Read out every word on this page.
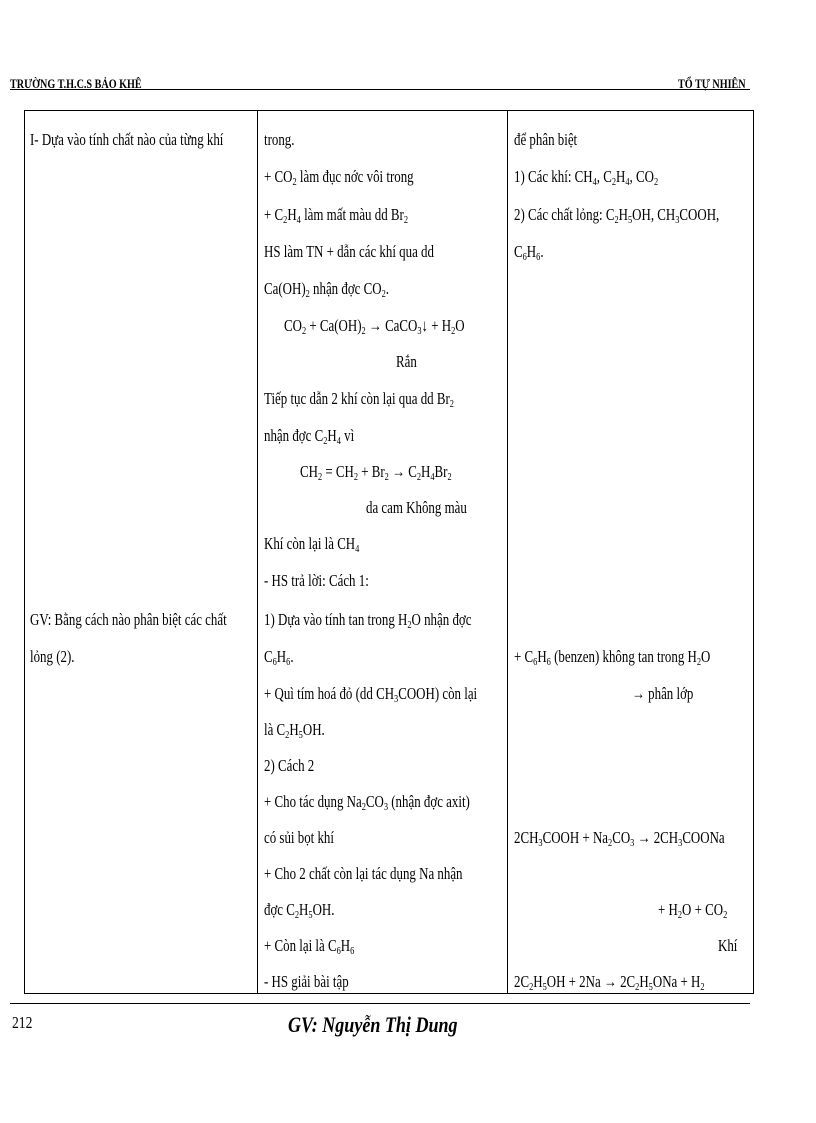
TRƯỜNG T.H.C.S BẢO KHÊ	TỔ TỰ NHIÊN
I- Dựa vào tính chất nào của từng khí
GV: Bằng cách nào phân biệt các chất
lỏng (2).
trong.
+ $CO_2$ làm đục nớc vôi trong
+ $C_2H_4$ làm mất màu dd $Br_2$
HS làm TN + dẫn các khí qua dd
$Ca(OH)_2$ nhận đợc $CO_2$.
$CO_2 + Ca(OH)_2$ → CaCO$_3$↓ + $H_2O$
Rắn
Tiếp tục dẫn 2 khí còn lại qua dd $Br_2$
nhận đợc $C_2H_4$ vì
$CH_2 = CH_2 + Br_2 \to C_2H_4Br_2$
da cam Không màu
Khí còn lại là $CH_4$
- HS trả lời: Cách 1:
1) Dựa vào tính tan trong $H_2O$ nhận đợc
$C_6H_6$.
+ Quì tím hoá đỏ (dd $CH_3COOH$) còn lại
là $C_2H_5OH$.
2) Cách 2
+ Cho tác dụng $Na_2CO_3$ (nhận đợc axit)
có sủi bọt khí
+ Cho 2 chất còn lại tác dụng Na nhận
đợc $C_2H_5OH$.
+ Còn lại là $C_6H_6$
- HS giải bài tập
để phân biệt
1) Các khí: $CH_4$, $C_2H_4$, $CO_2$
2) Các chất lỏng: $C_2H_5OH$, $CH_3COOH$,
$C_6H_6$.
+ $C_6H_6$ (benzen) không tan trong $H_2O$
→ phân lớp
$2CH_3COOH + Na_2CO_3$ → $2CH_3COONa$
+ $H_2O + CO_2$
Khí
$2C_2H_5OH + 2Na \to 2C_2H_5ONa + H_2$
212	GV: Nguyễn Thị Dung
